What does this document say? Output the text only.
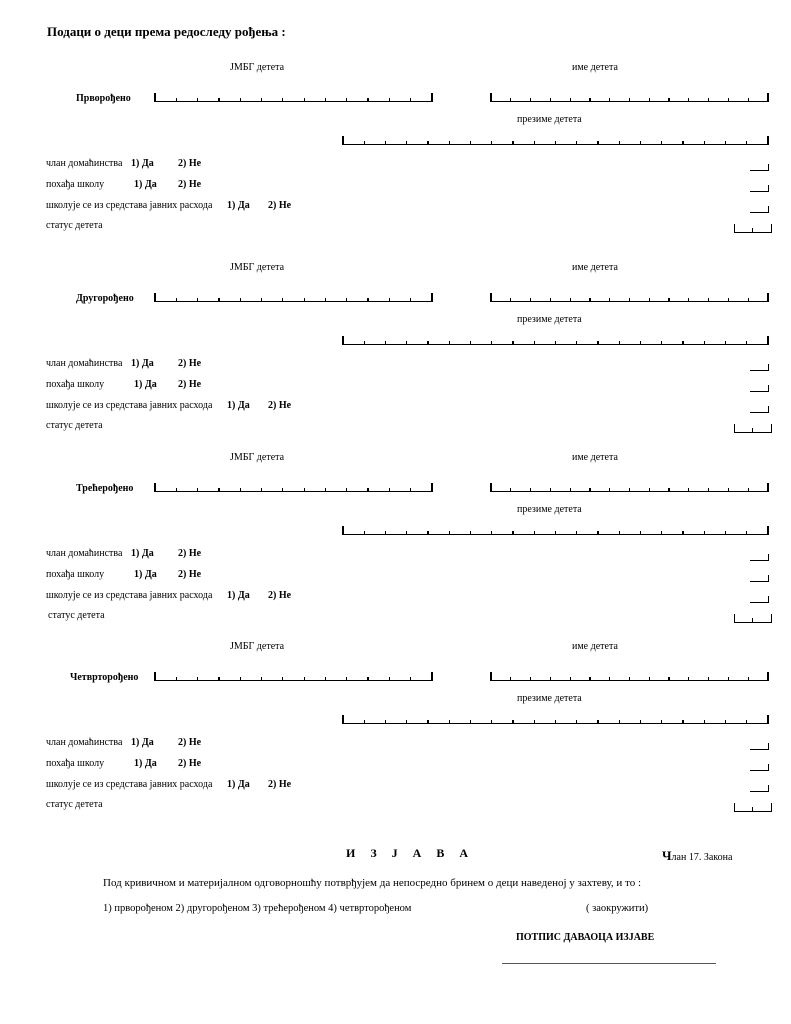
Подаци о деци према редоследу рођења :
ЈМБГ детета	име детета
Прворођено
презиме детета
члан домаћинства 1) Да 2) Не
похађа школу	1) Да 2) Не
школује се из средстава јавних расхода 1) Да 2) Не
статус детета
ЈМБГ детета	име детета
Другорођено
презиме детета
члан домаћинства 1) Да 2) Не
похађа школу	1) Да 2) Не
школује се из средстава јавних расхода 1) Да 2) Не
статус детета
ЈМБГ детета	име детета
Трећерођено
презиме детета
члан домаћинства 1) Да 2) Не
похађа школу	1) Да 2) Не
школује се из средстава јавних расхода 1) Да 2) Не
статус детета
ЈМБГ детета	име детета
Четврторођено
презиме детета
члан домаћинства 1) Да 2) Не
похађа школу	1) Да 2) Не
школује се из средстава јавних расхода 1) Да 2) Не
статус детета
И З Ј А В А	Члан 17. Закона
Под кривичном и материјалном одговорношћу потврђујем да непосредно бринем о деци наведеној у захтеву, и то :
1) прворођеном 2) другорођеном 3) трећерођеном 4) четврторођеном	( заокружити)
ПОТПИС ДАВАОЦА ИЗЈАВЕ
